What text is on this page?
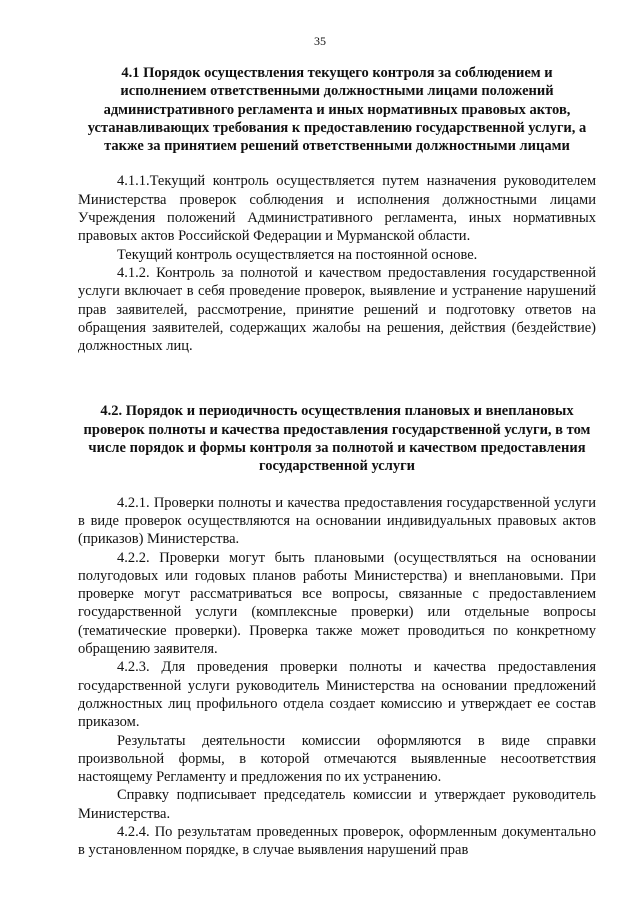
35

4.1 Порядок осуществления текущего контроля за соблюдением и исполнением ответственными должностными лицами положений административного регламента и иных нормативных правовых актов, устанавливающих требования к предоставлению государственной услуги, а также за принятием решений ответственными должностными лицами

4.1.1.Текущий контроль осуществляется путем назначения руководителем Министерства проверок соблюдения и исполнения должностными лицами Учреждения положений Административного регламента, иных нормативных правовых актов Российской Федерации и Мурманской области.

Текущий контроль осуществляется на постоянной основе.

4.1.2. Контроль за полнотой и качеством предоставления государственной услуги включает в себя проведение проверок, выявление и устранение нарушений прав заявителей, рассмотрение, принятие решений и подготовку ответов на обращения заявителей, содержащих жалобы на решения, действия (бездействие) должностных лиц.

4.2. Порядок и периодичность осуществления плановых и внеплановых проверок полноты и качества предоставления государственной услуги, в том числе порядок и формы контроля за полнотой и качеством предоставления государственной услуги

4.2.1. Проверки полноты и качества предоставления государственной услуги в виде проверок осуществляются на основании индивидуальных правовых актов (приказов) Министерства.

4.2.2. Проверки могут быть плановыми (осуществляться на основании полугодовых или годовых планов работы Министерства) и внеплановыми. При проверке могут рассматриваться все вопросы, связанные с предоставлением государственной услуги (комплексные проверки) или отдельные вопросы (тематические проверки). Проверка также может проводиться по конкретному обращению заявителя.

4.2.3. Для проведения проверки полноты и качества предоставления государственной услуги руководитель Министерства на основании предложений должностных лиц профильного отдела создает комиссию и утверждает ее состав приказом.

Результаты деятельности комиссии оформляются в виде справки произвольной формы, в которой отмечаются выявленные несоответствия настоящему Регламенту и предложения по их устранению.

Справку подписывает председатель комиссии и утверждает руководитель Министерства.

4.2.4. По результатам проведенных проверок, оформленным документально в установленном порядке, в случае выявления нарушений прав
